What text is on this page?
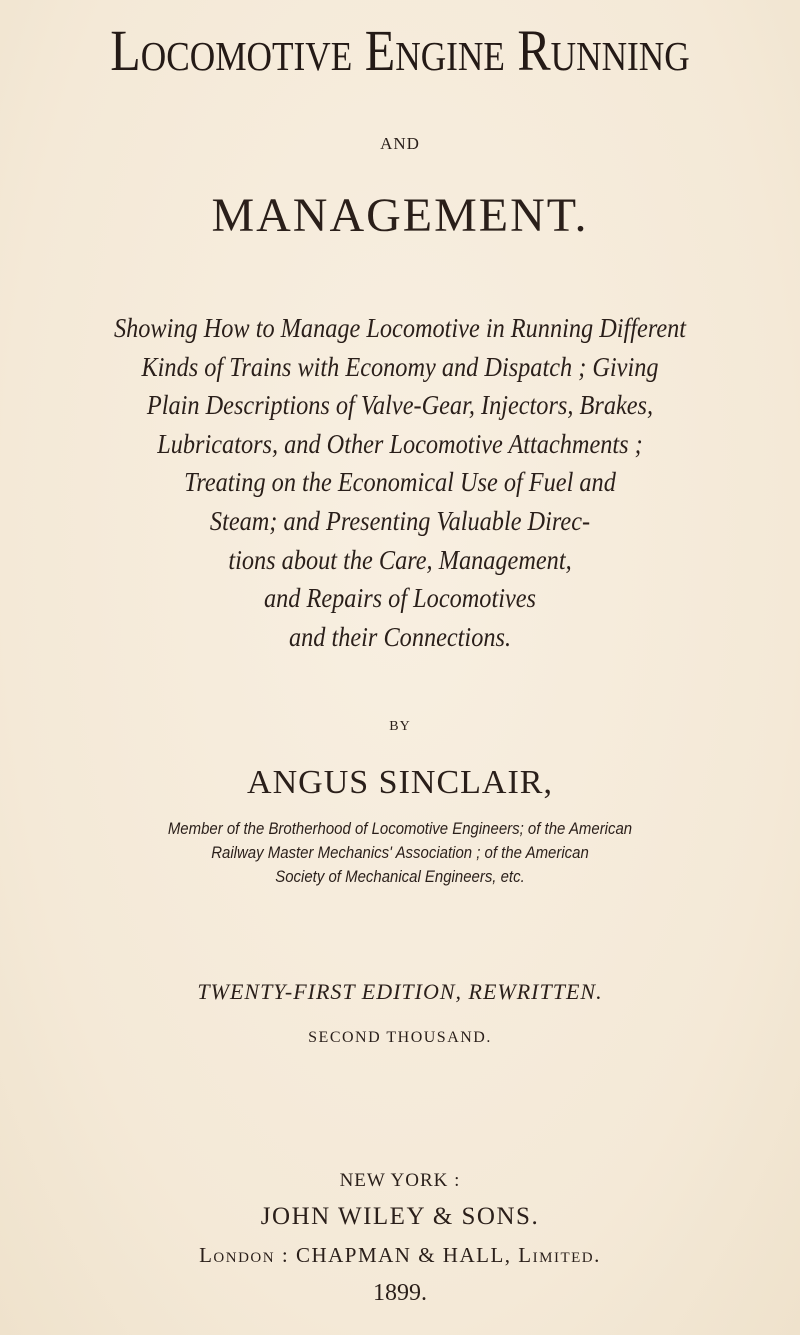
Locomotive Engine Running
AND
MANAGEMENT.
Showing How to Manage Locomotive in Running Different
Kinds of Trains with Economy and Dispatch ; Giving
Plain Descriptions of Valve-Gear, Injectors, Brakes,
Lubricators, and Other Locomotive Attachments ;
Treating on the Economical Use of Fuel and
Steam; and Presenting Valuable Direc-
tions about the Care, Management,
and Repairs of Locomotives
and their Connections.
BY
ANGUS SINCLAIR,
Member of the Brotherhood of Locomotive Engineers; of the American
Railway Master Mechanics' Association ; of the American
Society of Mechanical Engineers, etc.
TWENTY-FIRST EDITION, REWRITTEN.
SECOND THOUSAND.
NEW YORK :
JOHN WILEY & SONS.
London : CHAPMAN & HALL, Limited.
1899.
